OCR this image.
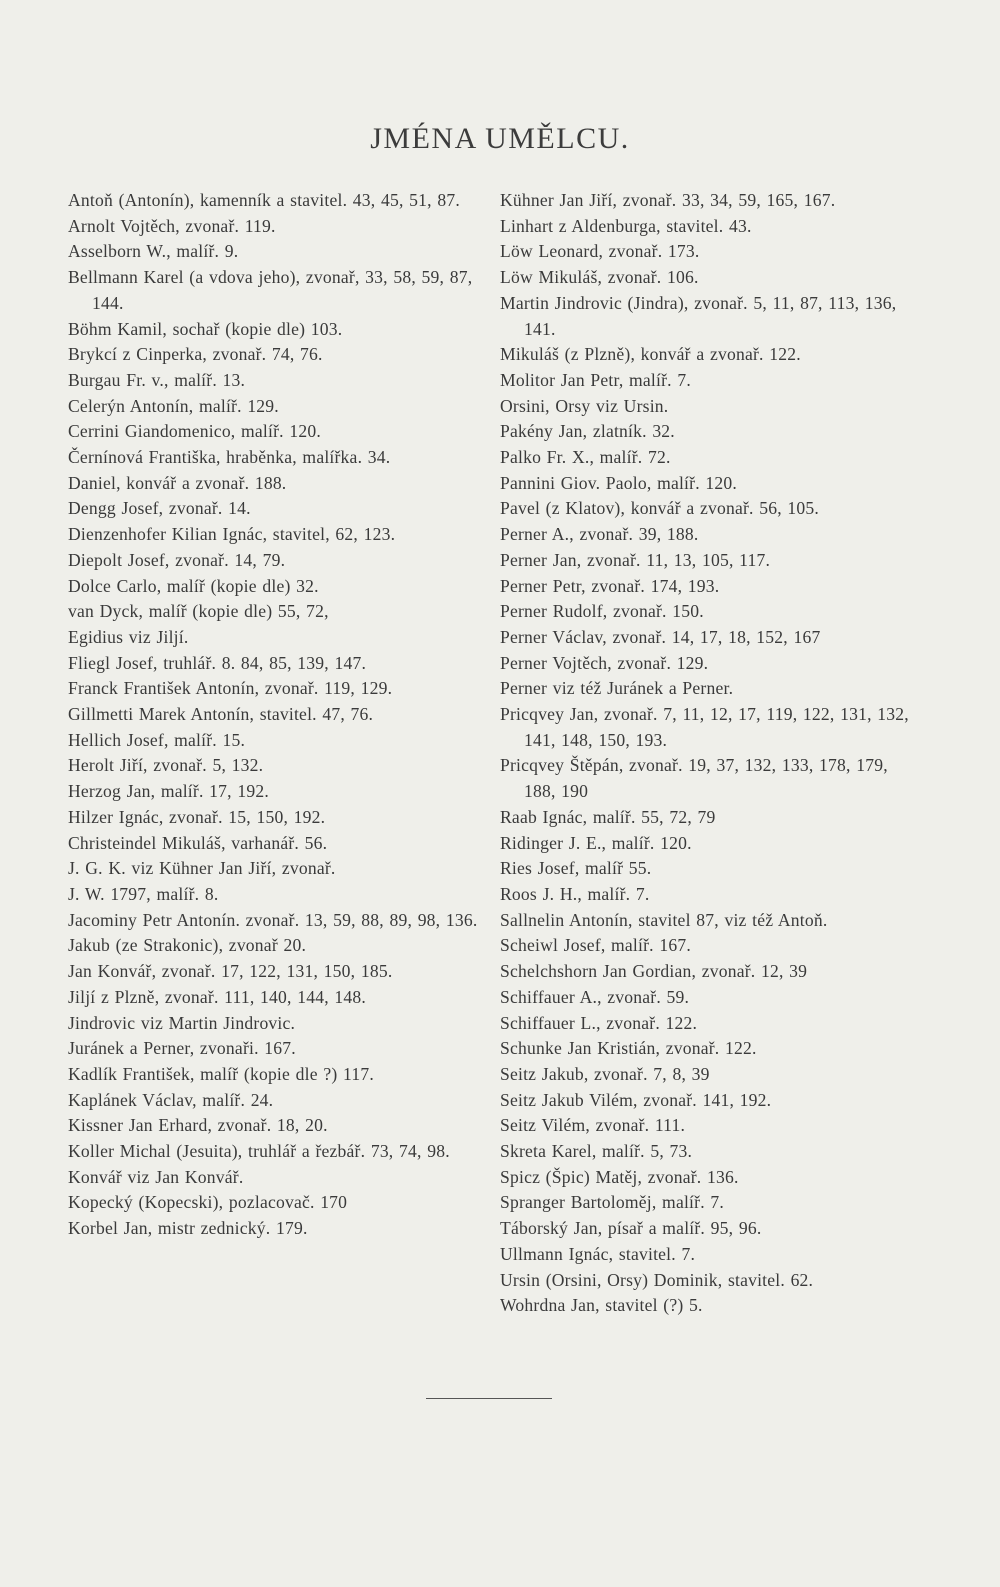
JMÉNA UMĚLCU.
Antoň (Antonín), kamenník a stavitel. 43, 45, 51, 87.
Arnolt Vojtěch, zvonař. 119.
Asselborn W., malíř. 9.
Bellmann Karel (a vdova jeho), zvonař, 33, 58, 59, 87, 144.
Böhm Kamil, sochař (kopie dle) 103.
Brykcí z Cinperka, zvonař. 74, 76.
Burgau Fr. v., malíř. 13.
Celerýn Antonín, malíř. 129.
Cerrini Giandomenico, malíř. 120.
Černínová Františka, hraběnka, malířka. 34.
Daniel, konvář a zvonař. 188.
Dengg Josef, zvonař. 14.
Dienzenhofer Kilian Ignác, stavitel, 62, 123.
Diepolt Josef, zvonař. 14, 79.
Dolce Carlo, malíř (kopie dle) 32.
van Dyck, malíř (kopie dle) 55, 72,
Egidius viz Jiljí.
Fliegl Josef, truhlář. 8. 84, 85, 139, 147.
Franck František Antonín, zvonař. 119, 129.
Gillmetti Marek Antonín, stavitel. 47, 76.
Hellich Josef, malíř. 15.
Herolt Jiří, zvonař. 5, 132.
Herzog Jan, malíř. 17, 192.
Hilzer Ignác, zvonař. 15, 150, 192.
Christeindel Mikuláš, varhanář. 56.
J. G. K. viz Kühner Jan Jiří, zvonař.
J. W. 1797, malíř. 8.
Jacominy Petr Antonín. zvonař. 13, 59, 88, 89, 98, 136.
Jakub (ze Strakonic), zvonař 20.
Jan Konvář, zvonař. 17, 122, 131, 150, 185.
Jiljí z Plzně, zvonař. 111, 140, 144, 148.
Jindrovic viz Martin Jindrovic.
Juránek a Perner, zvonaři. 167.
Kadlík František, malíř (kopie dle ?) 117.
Kaplánek Václav, malíř. 24.
Kissner Jan Erhard, zvonař. 18, 20.
Koller Michal (Jesuita), truhlář a řezbář. 73, 74, 98.
Konvář viz Jan Konvář.
Kopecký (Kopecski), pozlacovač. 170
Korbel Jan, mistr zednický. 179.
Kühner Jan Jiří, zvonař. 33, 34, 59, 165, 167.
Linhart z Aldenburga, stavitel. 43.
Löw Leonard, zvonař. 173.
Löw Mikuláš, zvonař. 106.
Martin Jindrovic (Jindra), zvonař. 5, 11, 87, 113, 136, 141.
Mikuláš (z Plzně), konvář a zvonař. 122.
Molitor Jan Petr, malíř. 7.
Orsini, Orsy viz Ursin.
Pakény Jan, zlatník. 32.
Palko Fr. X., malíř. 72.
Pannini Giov. Paolo, malíř. 120.
Pavel (z Klatov), konvář a zvonař. 56, 105.
Perner A., zvonař. 39, 188.
Perner Jan, zvonař. 11, 13, 105, 117.
Perner Petr, zvonař. 174, 193.
Perner Rudolf, zvonař. 150.
Perner Václav, zvonař. 14, 17, 18, 152, 167
Perner Vojtěch, zvonař. 129.
Perner viz též Juránek a Perner.
Pricqvey Jan, zvonař. 7, 11, 12, 17, 119, 122, 131, 132, 141, 148, 150, 193.
Pricqvey Štěpán, zvonař. 19, 37, 132, 133, 178, 179, 188, 190
Raab Ignác, malíř. 55, 72, 79
Ridinger J. E., malíř. 120.
Ries Josef, malíř 55.
Roos J. H., malíř. 7.
Sallnelin Antonín, stavitel 87, viz též Antoň.
Scheiwl Josef, malíř. 167.
Schelchshorn Jan Gordian, zvonař. 12, 39
Schiffauer A., zvonař. 59.
Schiffauer L., zvonař. 122.
Schunke Jan Kristián, zvonař. 122.
Seitz Jakub, zvonař. 7, 8, 39
Seitz Jakub Vilém, zvonař. 141, 192.
Seitz Vilém, zvonař. 111.
Skreta Karel, malíř. 5, 73.
Spicz (Špic) Matěj, zvonař. 136.
Spranger Bartoloměj, malíř. 7.
Táborský Jan, písař a malíř. 95, 96.
Ullmann Ignác, stavitel. 7.
Ursin (Orsini, Orsy) Dominik, stavitel. 62.
Wohrdna Jan, stavitel (?) 5.
